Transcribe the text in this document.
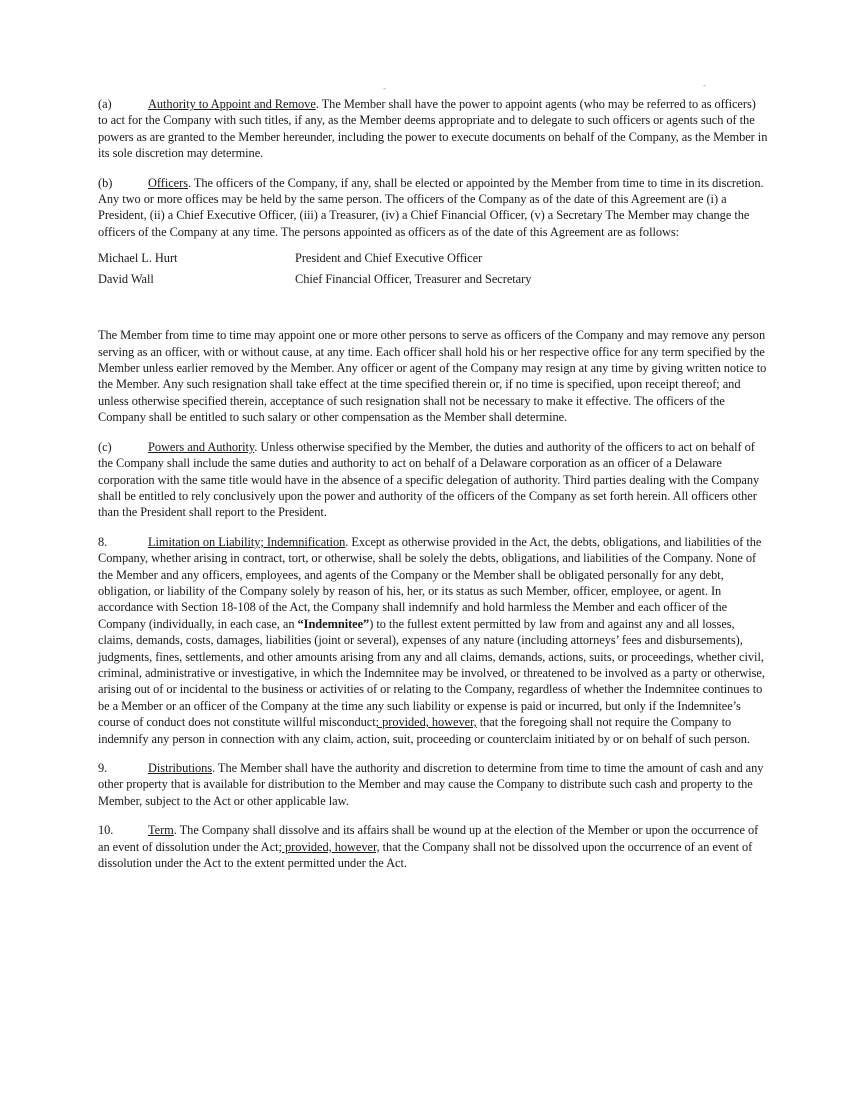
-	-

(a)	Authority to Appoint and Remove. The Member shall have the power to appoint agents (who may be referred to as officers) to act for the Company with such titles, if any, as the Member deems appropriate and to delegate to such officers or agents such of the powers as are granted to the Member hereunder, including the power to execute documents on behalf of the Company, as the Member in its sole discretion may determine.

(b)	Officers. The officers of the Company, if any, shall be elected or appointed by the Member from time to time in its discretion. Any two or more offices may be held by the same person. The officers of the Company as of the date of this Agreement are (i) a President, (ii) a Chief Executive Officer, (iii) a Treasurer, (iv) a Chief Financial Officer, (v) a Secretary The Member may change the officers of the Company at any time. The persons appointed as officers as of the date of this Agreement are as follows:

Michael L. Hurt	President and Chief Executive Officer
David Wall	Chief Financial Officer, Treasurer and Secretary

The Member from time to time may appoint one or more other persons to serve as officers of the Company and may remove any person serving as an officer, with or without cause, at any time. Each officer shall hold his or her respective office for any term specified by the Member unless earlier removed by the Member. Any officer or agent of the Company may resign at any time by giving written notice to the Member. Any such resignation shall take effect at the time specified therein or, if no time is specified, upon receipt thereof; and unless otherwise specified therein, acceptance of such resignation shall not be necessary to make it effective. The officers of the Company shall be entitled to such salary or other compensation as the Member shall determine.

(c)	Powers and Authority. Unless otherwise specified by the Member, the duties and authority of the officers to act on behalf of the Company shall include the same duties and authority to act on behalf of a Delaware corporation as an officer of a Delaware corporation with the same title would have in the absence of a specific delegation of authority. Third parties dealing with the Company shall be entitled to rely conclusively upon the power and authority of the officers of the Company as set forth herein. All officers other than the President shall report to the President.

8.	Limitation on Liability; Indemnification. Except as otherwise provided in the Act, the debts, obligations, and liabilities of the Company, whether arising in contract, tort, or otherwise, shall be solely the debts, obligations, and liabilities of the Company. None of the Member and any officers, employees, and agents of the Company or the Member shall be obligated personally for any debt, obligation, or liability of the Company solely by reason of his, her, or its status as such Member, officer, employee, or agent. In accordance with Section 18-108 of the Act, the Company shall indemnify and hold harmless the Member and each officer of the Company (individually, in each case, an “Indemnitee”) to the fullest extent permitted by law from and against any and all losses, claims, demands, costs, damages, liabilities (joint or several), expenses of any nature (including attorneys’ fees and disbursements), judgments, fines, settlements, and other amounts arising from any and all claims, demands, actions, suits, or proceedings, whether civil, criminal, administrative or investigative, in which the Indemnitee may be involved, or threatened to be involved as a party or otherwise, arising out of or incidental to the business or activities of or relating to the Company, regardless of whether the Indemnitee continues to be a Member or an officer of the Company at the time any such liability or expense is paid or incurred, but only if the Indemnitee’s course of conduct does not constitute willful misconduct; provided, however, that the foregoing shall not require the Company to indemnify any person in connection with any claim, action, suit, proceeding or counterclaim initiated by or on behalf of such person.

9.	Distributions. The Member shall have the authority and discretion to determine from time to time the amount of cash and any other property that is available for distribution to the Member and may cause the Company to distribute such cash and property to the Member, subject to the Act or other applicable law.

10.	Term. The Company shall dissolve and its affairs shall be wound up at the election of the Member or upon the occurrence of an event of dissolution under the Act; provided, however, that the Company shall not be dissolved upon the occurrence of an event of dissolution under the Act to the extent permitted under the Act.
